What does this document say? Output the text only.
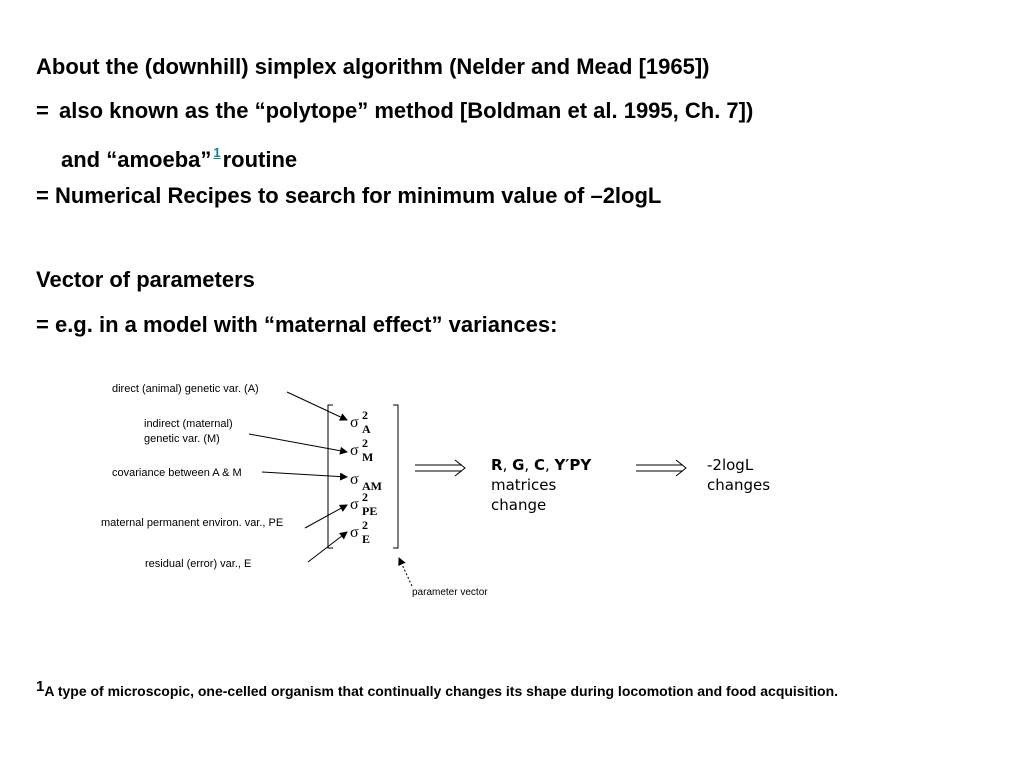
About the (downhill) simplex algorithm (Nelder and Mead [1965])
= also known as the “polytope” method [Boldman et al. 1995, Ch. 7])
and “amoeba” $^1$routine
= Numerical Recipes to search for minimum value of –2logL
Vector of parameters
= e.g. in a model with “maternal effect” variances:
direct (animal) genetic var. (A)
indirect (maternal)
genetic var. (M)
covariance between A & M
maternal permanent environ. var., PE
residual (error) var., E
parameter vector
σ 2
A
σ 2
M
σ AM
σ 2
PE
σ 2
E
R, G, C, Y′PY
matrices
change
-2logL
changes
1A type of microscopic, one-celled organism that continually changes its shape during locomotion and food acquisition.
